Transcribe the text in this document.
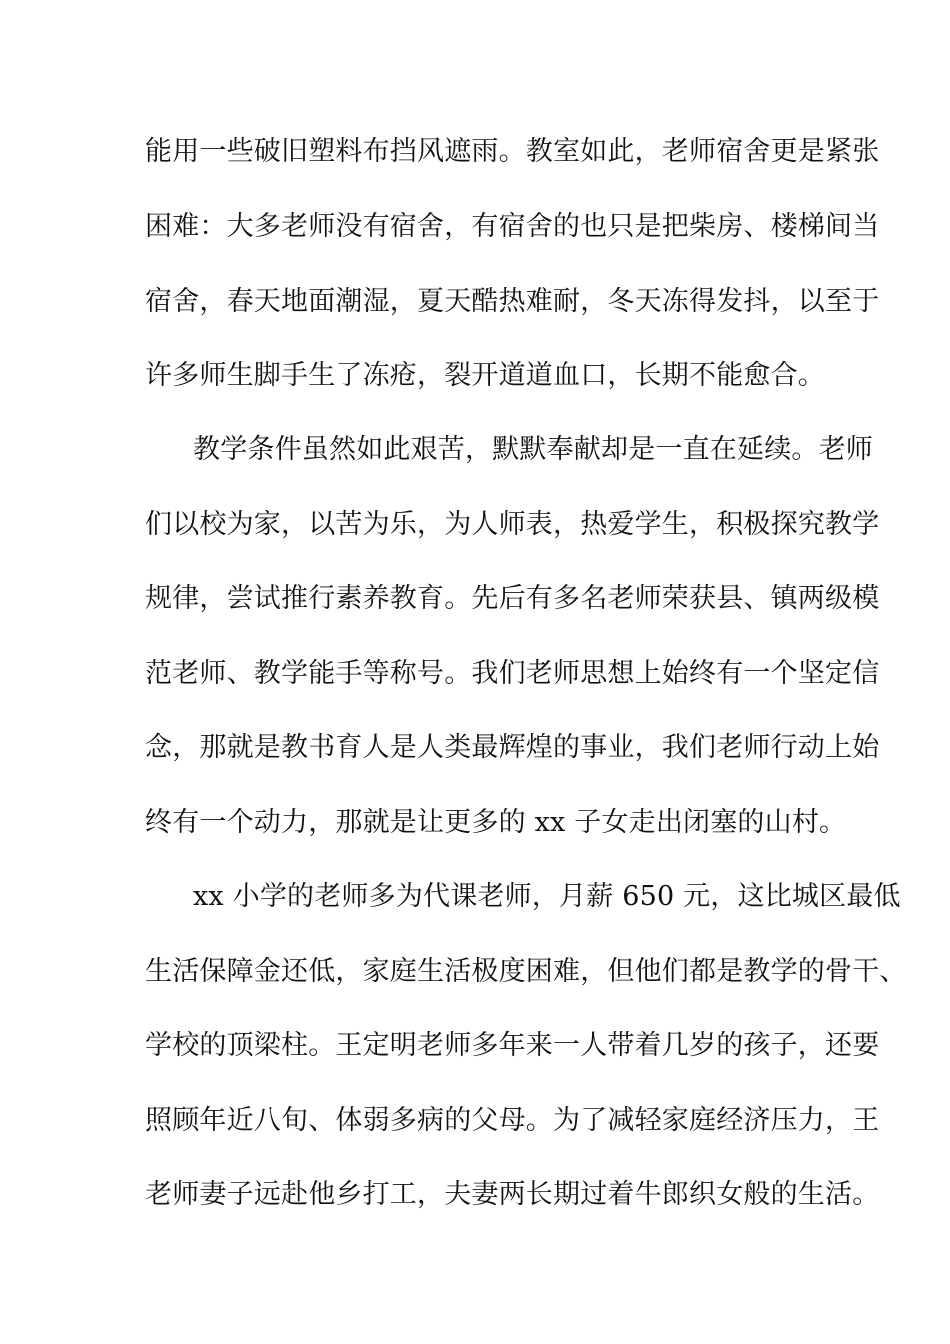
能用一些破旧塑料布挡风遮雨。教室如此，老师宿舍更是紧张
困难：大多老师没有宿舍，有宿舍的也只是把柴房、楼梯间当
宿舍，春天地面潮湿，夏天酷热难耐，冬天冻得发抖，以至于
许多师生脚手生了冻疮，裂开道道血口，长期不能愈合。
教学条件虽然如此艰苦，默默奉献却是一直在延续。老师
们以校为家，以苦为乐，为人师表，热爱学生，积极探究教学
规律，尝试推行素养教育。先后有多名老师荣获县、镇两级模
范老师、教学能手等称号。我们老师思想上始终有一个坚定信
念，那就是教书育人是人类最辉煌的事业，我们老师行动上始
终有一个动力，那就是让更多的 xx 子女走出闭塞的山村。
xx 小学的老师多为代课老师，月薪 650 元，这比城区最低
生活保障金还低，家庭生活极度困难，但他们都是教学的骨干、
学校的顶梁柱。王定明老师多年来一人带着几岁的孩子，还要
照顾年近八旬、体弱多病的父母。为了减轻家庭经济压力，王
老师妻子远赴他乡打工，夫妻两长期过着牛郎织女般的生活。
